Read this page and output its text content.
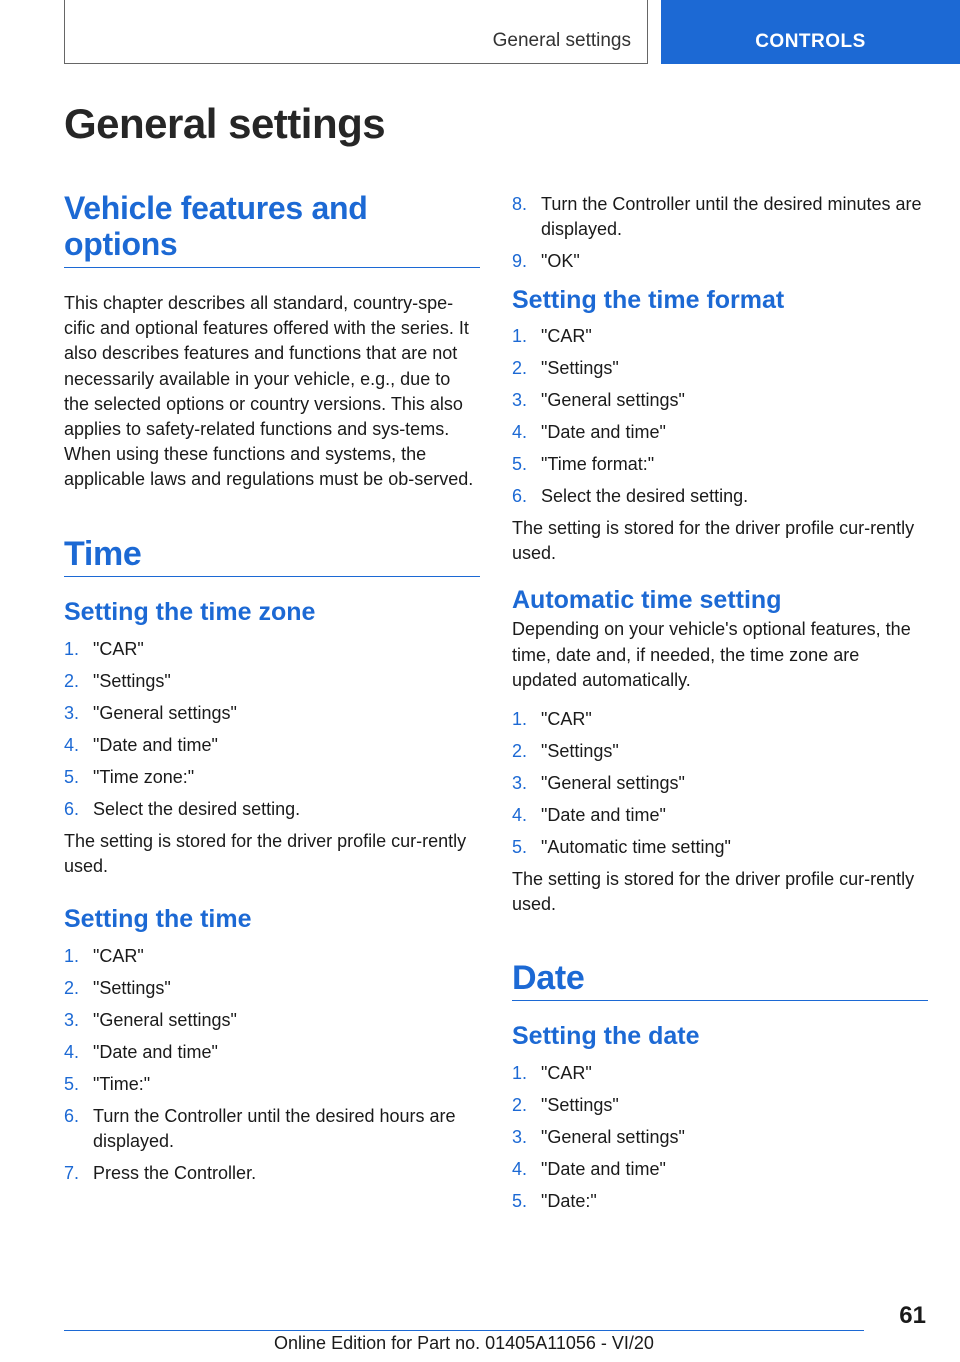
General settings	CONTROLS
General settings
Vehicle features and options

This chapter describes all standard, country-spe-cific and optional features offered with the series. It also describes features and functions that are not necessarily available in your vehicle, e.g., due to the selected options or country versions. This also applies to safety-related functions and sys-tems. When using these functions and systems, the applicable laws and regulations must be ob-served.

Time
Setting the time zone
1. "CAR"
2. "Settings"
3. "General settings"
4. "Date and time"
5. "Time zone:"
6. Select the desired setting.

The setting is stored for the driver profile cur-rently used.

Setting the time
1. "CAR"
2. "Settings"
3. "General settings"
4. "Date and time"
5. "Time:"
6. Turn the Controller until the desired hours are displayed.
7. Press the Controller.
8. Turn the Controller until the desired minutes are displayed.
9. "OK"
Setting the time format
1. "CAR"
2. "Settings"
3. "General settings"
4. "Date and time"
5. "Time format:"
6. Select the desired setting.

The setting is stored for the driver profile cur-rently used.

Automatic time setting

Depending on your vehicle's optional features, the time, date and, if needed, the time zone are updated automatically.

1. "CAR"
2. "Settings"
3. "General settings"
4. "Date and time"
5. "Automatic time setting"

The setting is stored for the driver profile cur-rently used.

Date
Setting the date
1. "CAR"
2. "Settings"
3. "General settings"
4. "Date and time"
5. "Date:"
61
Online Edition for Part no. 01405A11056 - VI/20
